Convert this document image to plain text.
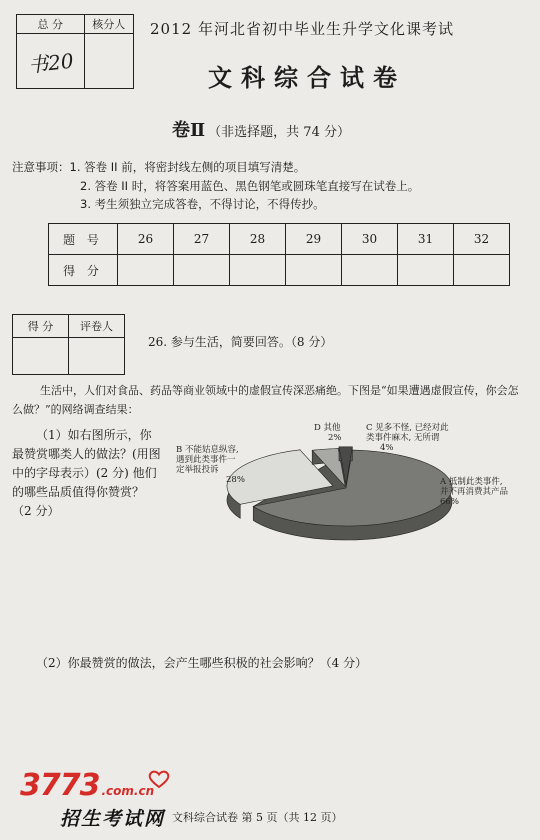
总 分	核分人
书20	
2012 年河北省初中毕业生升学文化课考试
文科综合试卷
卷Ⅱ （非选择题，共 74 分）
注意事项：1. 答卷 II 前，将密封线左侧的项目填写清楚。
2. 答卷 II 时，将答案用蓝色、黑色钢笔或圆珠笔直接写在试卷上。
3. 考生须独立完成答卷，不得讨论，不得传抄。
题 号	26	27	28	29	30	31	32
得 分							
得 分	评卷人

26. 参与生活，简要回答。（8 分）
生活中，人们对食品、药品等商业领域中的虚假宣传深恶痛绝。下图是“如果遭遇虚假宣传，你会怎么做？”的网络调查结果：
（1）如右图所示，你最赞赏哪类人的做法？(用图中的字母表示）(2 分) 他们的哪些品质值得你赞赏？（2 分）
A 抵制此类事件,并不再消费其产品 66%
B 不能姑息纵容,遇到此类事件一定举报投诉28%
C 见多不怪, 已经对此类事件麻木, 无所谓 4%
D 其他 2%
（2）你最赞赏的做法，会产生哪些积极的社会影响？（4 分）
3773 .com.cn
招生考试网 文科综合试卷 第 5 页（共 12 页）
